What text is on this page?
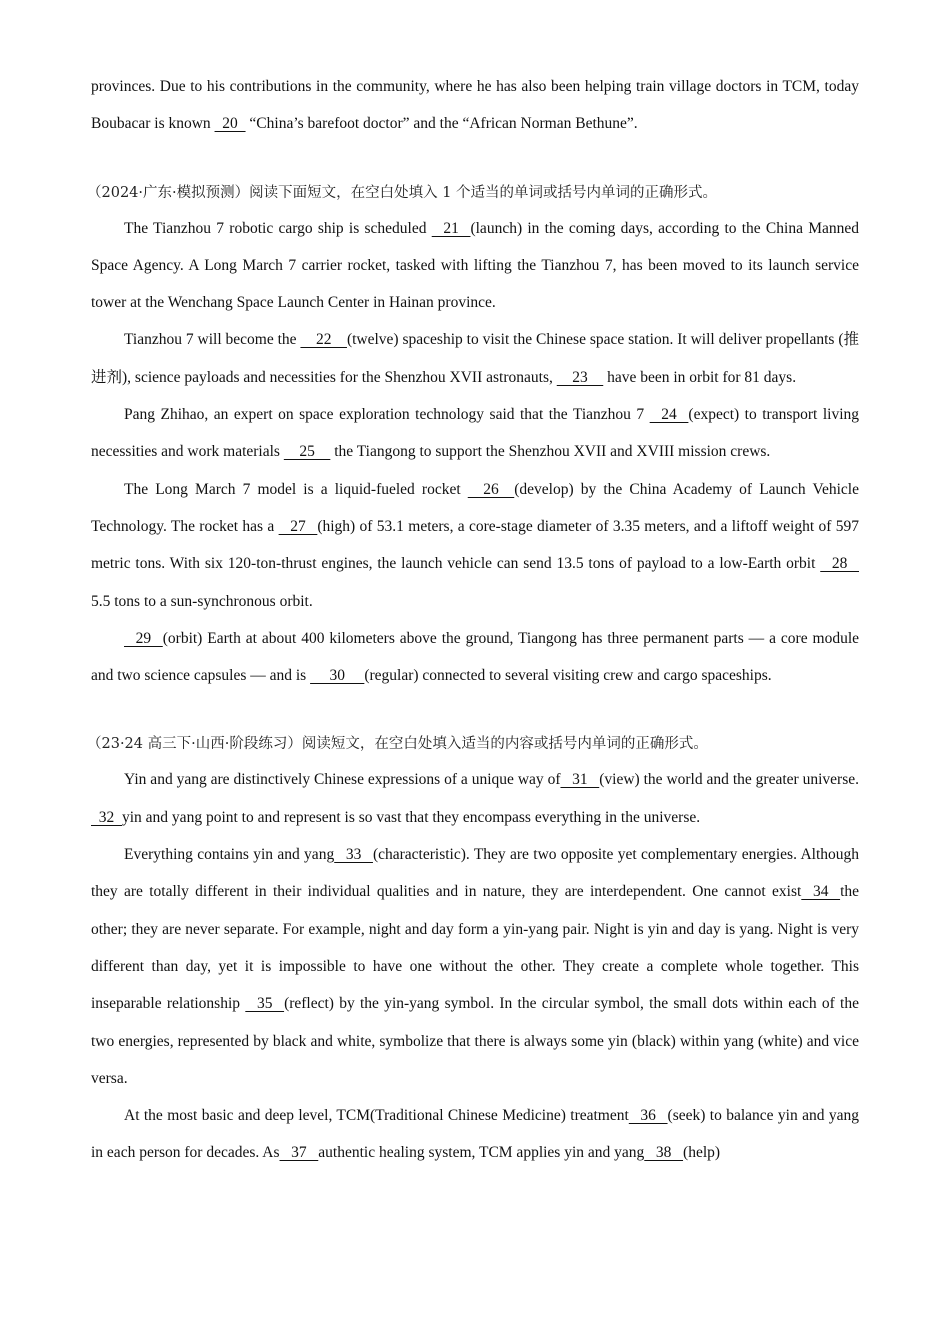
provinces. Due to his contributions in the community, where he has also been helping train village doctors in TCM, today Boubacar is known   20   “China’s barefoot doctor” and the “African Norman Bethune”.

（2024·广东·模拟预测）阅读下面短文，在空白处填入 1 个适当的单词或括号内单词的正确形式。

The Tianzhou 7 robotic cargo ship is scheduled    21   (launch) in the coming days, according to the China Manned Space Agency. A Long March 7 carrier rocket, tasked with lifting the Tianzhou 7, has been moved to its launch service tower at the Wenchang Space Launch Center in Hainan province.

Tianzhou 7 will become the     22    (twelve) spaceship to visit the Chinese space station. It will deliver propellants (推进剂), science payloads and necessities for the Shenzhou XVII astronauts,     23     have been in orbit for 81 days.

Pang Zhihao, an expert on space exploration technology said that the Tianzhou 7    24   (expect) to transport living necessities and work materials     25     the Tiangong to support the Shenzhou XVII and XVIII mission crews.

The Long March 7 model is a liquid-fueled rocket     26    (develop) by the China Academy of Launch Vehicle Technology. The rocket has a    27   (high) of 53.1 meters, a core-stage diameter of 3.35 meters, and a liftoff weight of 597 metric tons. With six 120-ton-thrust engines, the launch vehicle can send 13.5 tons of payload to a low-Earth orbit    28    5.5 tons to a sun-synchronous orbit.

29   (orbit) Earth at about 400 kilometers above the ground, Tiangong has three permanent parts — a core module and two science capsules — and is      30     (regular) connected to several visiting crew and cargo spaceships.

（23·24 高三下·山西·阶段练习）阅读短文，在空白处填入适当的内容或括号内单词的正确形式。

Yin and yang are distinctively Chinese expressions of a unique way of   31   (view) the world and the greater universe.   32  yin and yang point to and represent is so vast that they encompass everything in the universe.

Everything contains yin and yang   33   (characteristic). They are two opposite yet complementary energies. Although they are totally different in their individual qualities and in nature, they are interdependent. One cannot exist   34   the other; they are never separate. For example, night and day form a yin-yang pair. Night is yin and day is yang. Night is very different than day, yet it is impossible to have one without the other. They create a complete whole together. This inseparable relationship    35   (reflect) by the yin-yang symbol. In the circular symbol, the small dots within each of the two energies, represented by black and white, symbolize that there is always some yin (black) within yang (white) and vice versa.

At the most basic and deep level, TCM(Traditional Chinese Medicine) treatment   36   (seek) to balance yin and yang in each person for decades. As   37   authentic healing system, TCM applies yin and yang   38   (help)
